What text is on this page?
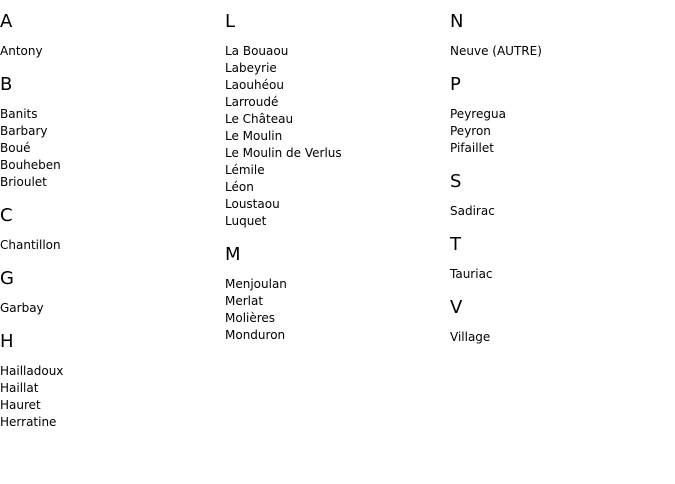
A
Antony
B
Banits
Barbary
Boué
Bouheben
Brioulet
C
Chantillon
G
Garbay
H
Hailladoux
Haillat
Hauret
Herratine
L
La Bouaou
Labeyrie
Laouhéou
Larroudé
Le Château
Le Moulin
Le Moulin de Verlus
Lémile
Léon
Loustaou
Luquet
M
Menjoulan
Merlat
Molières
Monduron
N
Neuve (AUTRE)
P
Peyregua
Peyron
Pifaillet
S
Sadirac
T
Tauriac
V
Village
